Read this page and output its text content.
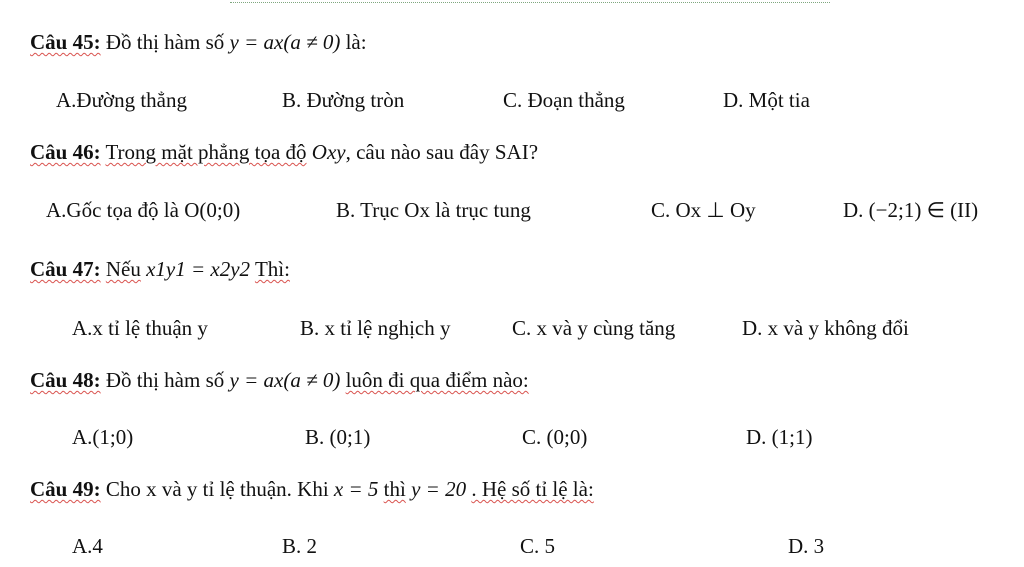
Câu 45: Đồ thị hàm số y = ax(a ≠ 0) là:
A.Đường thẳng	B. Đường tròn	C. Đoạn thẳng	D. Một tia
Câu 46: Trong mặt phẳng tọa độ Oxy, câu nào sau đây SAI?
A.Gốc tọa độ là O(0;0)	B. Trục Ox là trục tung	C. Ox ⊥ Oy	D. (−2;1) ∈ (II)
Câu 47: Nếu x1y1 = x2y2 Thì:
A.x tỉ lệ thuận y	B. x tỉ lệ nghịch y	C. x và y cùng tăng	D. x và y không đổi
Câu 48: Đồ thị hàm số y = ax(a ≠ 0) luôn đi qua điểm nào:
A.(1;0)	B. (0;1)	C. (0;0)	D. (1;1)
Câu 49: Cho x và y tỉ lệ thuận. Khi x = 5 thì y = 20 . Hệ số tỉ lệ là:
A.4	B. 2	C. 5	D. 3
